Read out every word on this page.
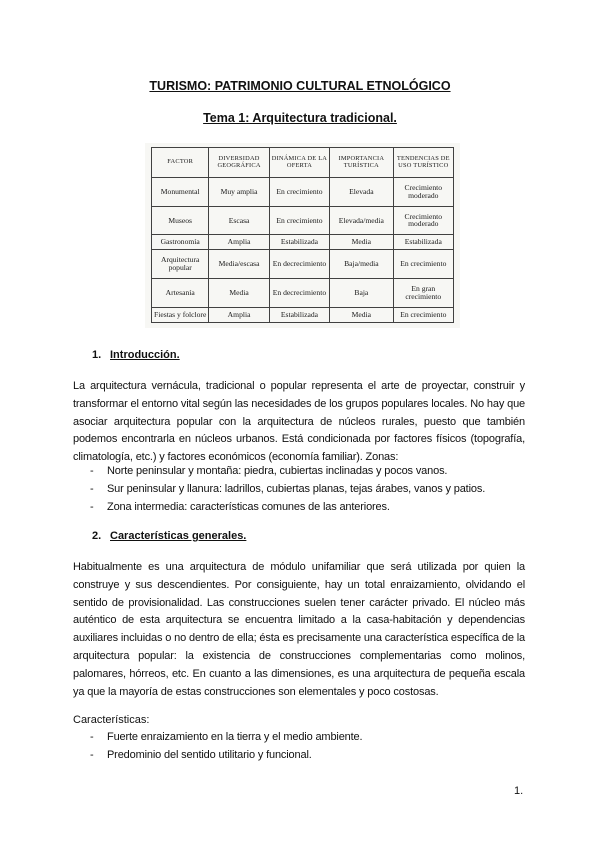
TURISMO: PATRIMONIO CULTURAL ETNOLÓGICO
Tema 1: Arquitectura tradicional.
FACTOR	DIVERSIDAD GEOGRÁFICA	DINÁMICA DE LA OFERTA	IMPORTANCIA TURÍSTICA	TENDENCIAS DE USO TURÍSTICO
Monumental	Muy amplia	En crecimiento	Elevada	Crecimiento moderado
Museos	Escasa	En crecimiento	Elevada/media	Crecimiento moderado
Gastronomía	Amplia	Estabilizada	Media	Estabilizada
Arquitectura popular	Media/escasa	En decrecimiento	Baja/media	En crecimiento
Artesanía	Media	En decrecimiento	Baja	En gran crecimiento
Fiestas y folclore	Amplia	Estabilizada	Media	En crecimiento
1. Introducción.
La arquitectura vernácula, tradicional o popular representa el arte de proyectar, construir y transformar el entorno vital según las necesidades de los grupos populares locales. No hay que asociar arquitectura popular con la arquitectura de núcleos rurales, puesto que también podemos encontrarla en núcleos urbanos. Está condicionada por factores físicos (topografía, climatología, etc.) y factores económicos (economía familiar). Zonas:
- Norte peninsular y montaña: piedra, cubiertas inclinadas y pocos vanos.
- Sur peninsular y llanura: ladrillos, cubiertas planas, tejas árabes, vanos y patios.
- Zona intermedia: características comunes de las anteriores.
2. Características generales.
Habitualmente es una arquitectura de módulo unifamiliar que será utilizada por quien la construye y sus descendientes. Por consiguiente, hay un total enraizamiento, olvidando el sentido de provisionalidad. Las construcciones suelen tener carácter privado. El núcleo más auténtico de esta arquitectura se encuentra limitado a la casa-habitación y dependencias auxiliares incluidas o no dentro de ella; ésta es precisamente una característica específica de la arquitectura popular: la existencia de construcciones complementarias como molinos, palomares, hórreos, etc. En cuanto a las dimensiones, es una arquitectura de pequeña escala ya que la mayoría de estas construcciones son elementales y poco costosas.
Características:
- Fuerte enraizamiento en la tierra y el medio ambiente.
- Predominio del sentido utilitario y funcional.
1.
